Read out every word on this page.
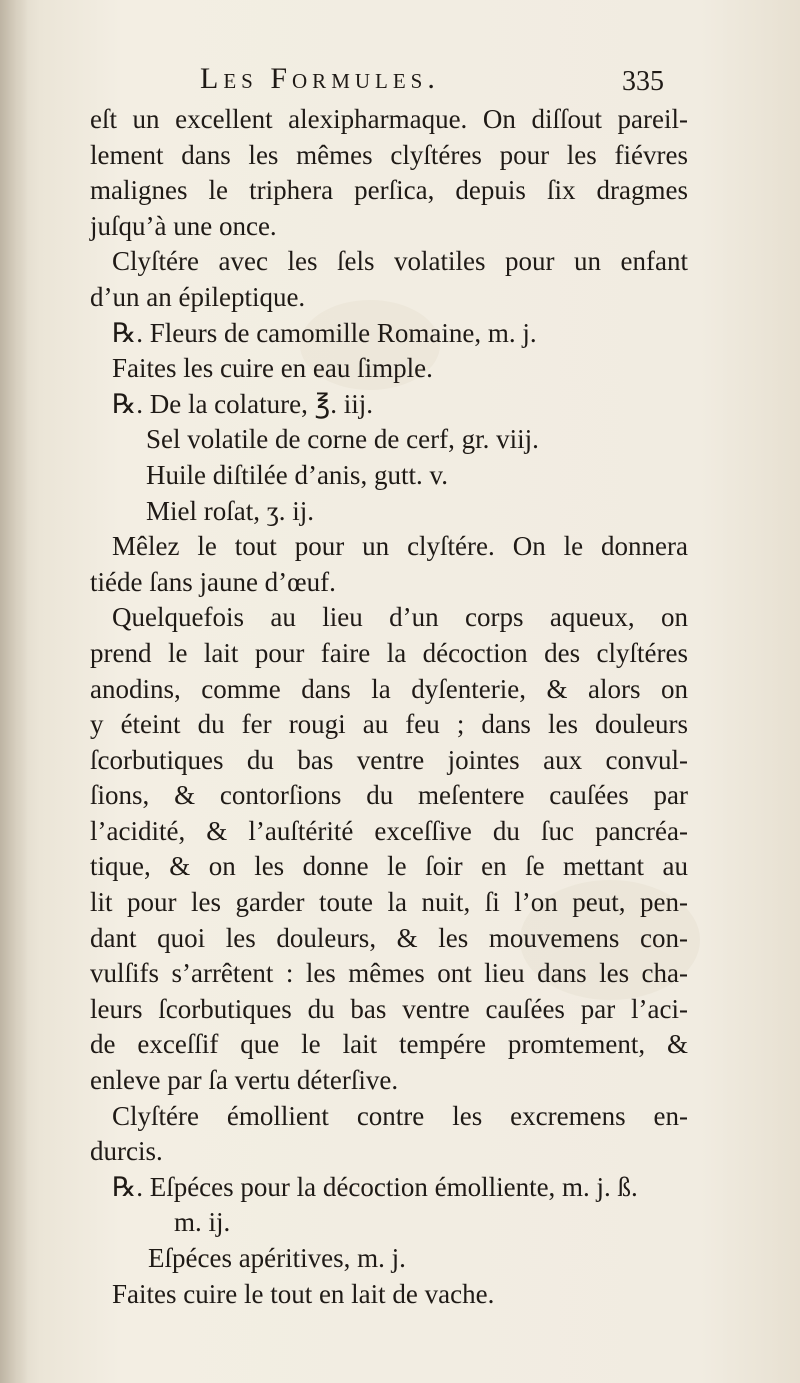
Les Formules.	335
eſt un excellent alexipharmaque. On diſſout pareil-
lement dans les mêmes clyſtéres pour les fiévres
malignes le triphera perſica, depuis ſix dragmes
juſqu’à une once.
Clyſtére avec les ſels volatiles pour un enfant
d’un an épileptique.
℞. Fleurs de camomille Romaine, m. j.
Faites les cuire en eau ſimple.
℞. De la colature, ℥. iij.
Sel volatile de corne de cerf, gr. viij.
Huile diſtilée d’anis, gutt. v.
Miel roſat, ʒ. ij.
Mêlez le tout pour un clyſtére. On le donnera
tiéde ſans jaune d’œuf.
Quelquefois au lieu d’un corps aqueux, on
prend le lait pour faire la décoction des clyſtéres
anodins, comme dans la dyſenterie, & alors on
y éteint du fer rougi au feu ; dans les douleurs
ſcorbutiques du bas ventre jointes aux convul-
ſions, & contorſions du meſentere cauſées par
l’acidité, & l’auſtérité exceſſive du ſuc pancréa-
tique, & on les donne le ſoir en ſe mettant au
lit pour les garder toute la nuit, ſi l’on peut, pen-
dant quoi les douleurs, & les mouvemens con-
vulſifs s’arrêtent : les mêmes ont lieu dans les cha-
leurs ſcorbutiques du bas ventre cauſées par l’aci-
de exceſſif que le lait tempére promtement, &
enleve par ſa vertu déterſive.
Clyſtére émollient contre les excremens en-
durcis.
℞. Eſpéces pour la décoction émolliente, m. j. ß.
m. ij.
Eſpéces apéritives, m. j.
Faites cuire le tout en lait de vache.
